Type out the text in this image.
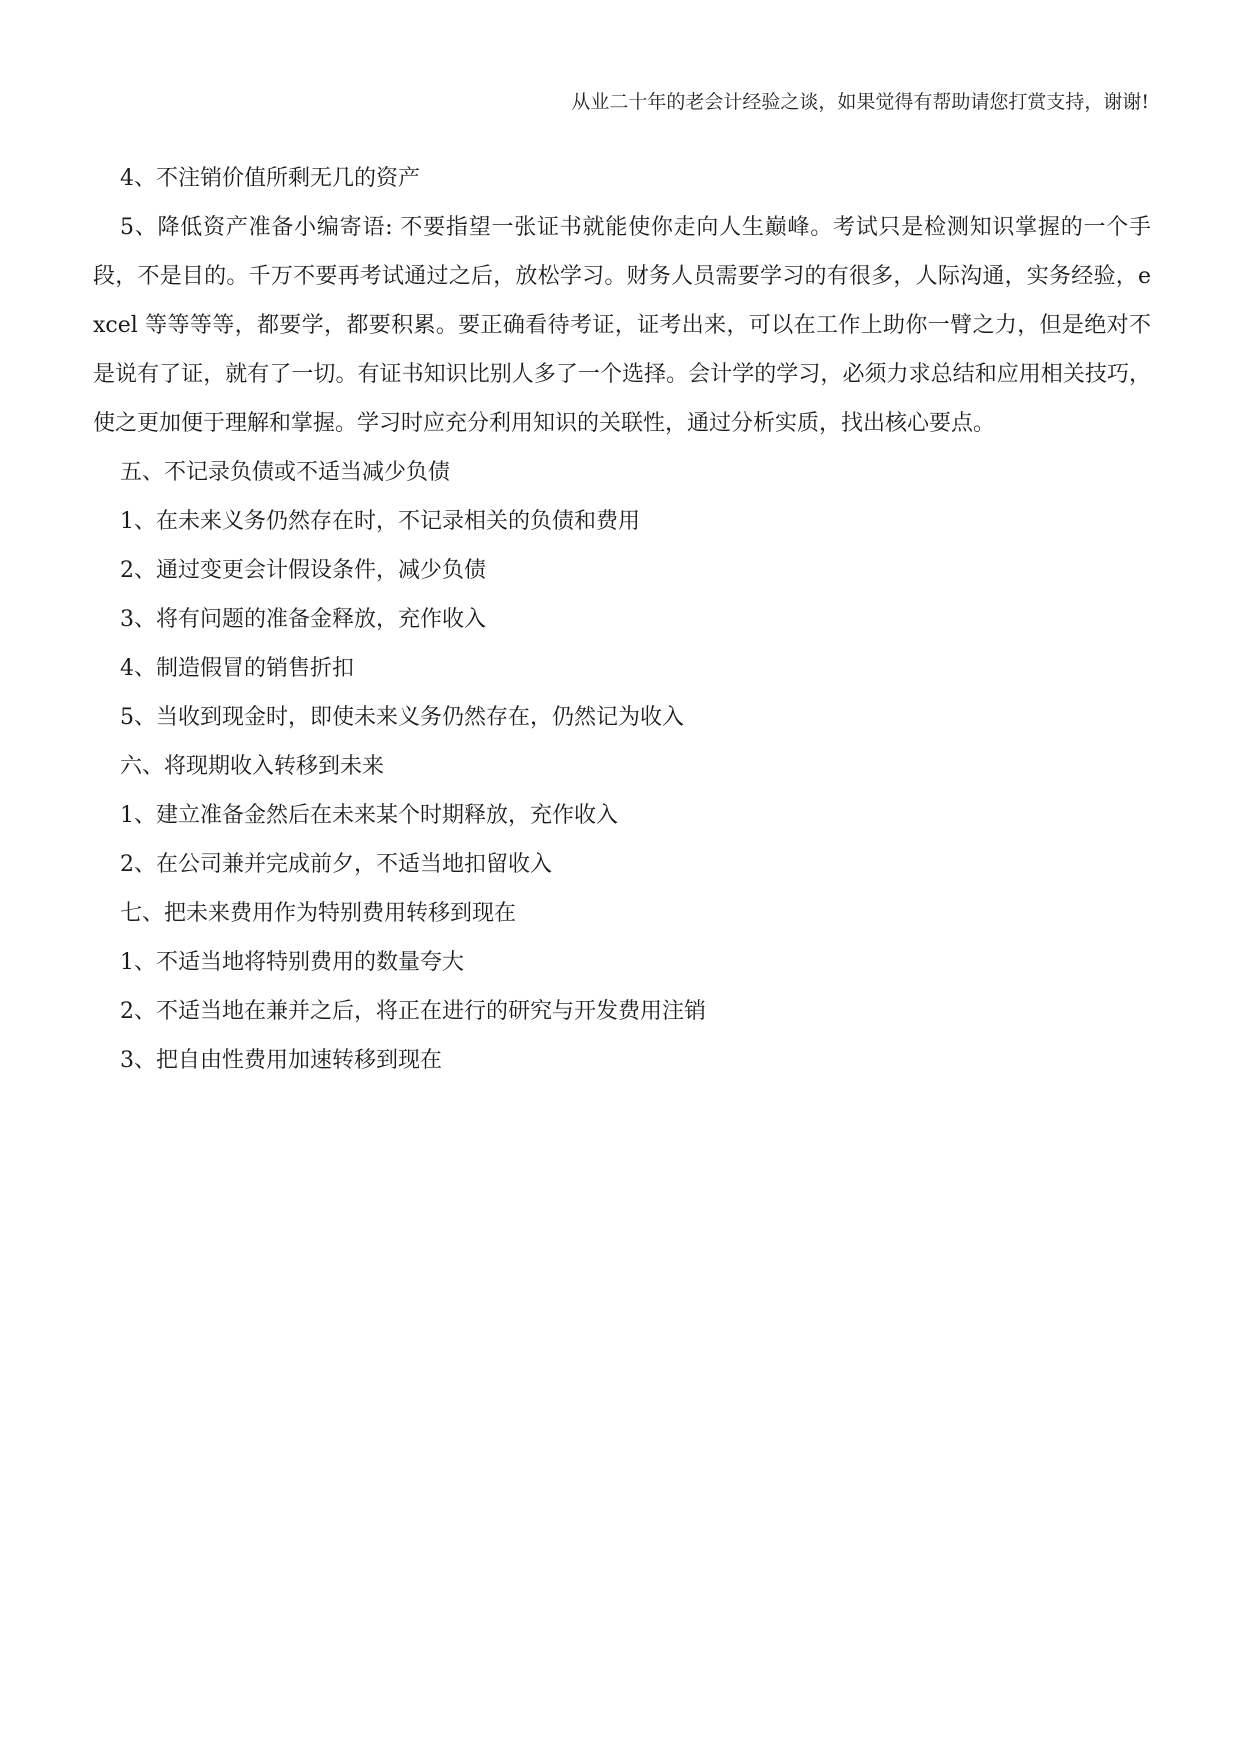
从业二十年的老会计经验之谈，如果觉得有帮助请您打赏支持，谢谢!

4、不注销价值所剩无几的资产

5、降低资产准备小编寄语: 不要指望一张证书就能使你走向人生巅峰。考试只是检测知识掌握的一个手段，不是目的。千万不要再考试通过之后，放松学习。财务人员需要学习的有很多，人际沟通，实务经验，excel 等等等等，都要学，都要积累。要正确看待考证，证考出来，可以在工作上助你一臂之力，但是绝对不是说有了证，就有了一切。有证书知识比别人多了一个选择。会计学的学习，必须力求总结和应用相关技巧，使之更加便于理解和掌握。学习时应充分利用知识的关联性，通过分析实质，找出核心要点。

五、不记录负债或不适当减少负债

1、在未来义务仍然存在时，不记录相关的负债和费用

2、通过变更会计假设条件，减少负债

3、将有问题的准备金释放，充作收入

4、制造假冒的销售折扣

5、当收到现金时，即使未来义务仍然存在，仍然记为收入

六、将现期收入转移到未来

1、建立准备金然后在未来某个时期释放，充作收入

2、在公司兼并完成前夕，不适当地扣留收入

七、把未来费用作为特别费用转移到现在

1、不适当地将特别费用的数量夸大

2、不适当地在兼并之后，将正在进行的研究与开发费用注销

3、把自由性费用加速转移到现在
